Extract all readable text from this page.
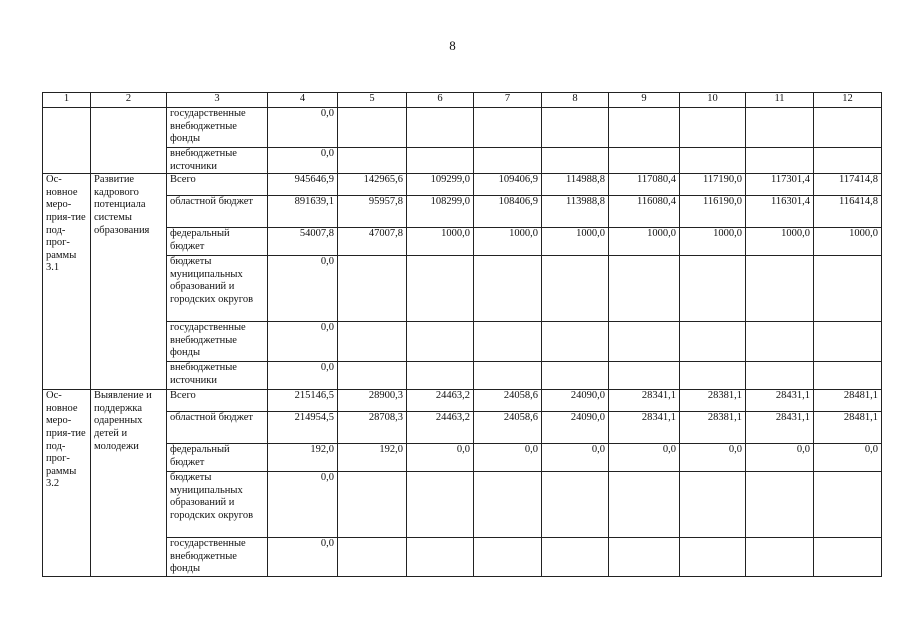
8
1	2	3	4	5	6	7	8	9	10	11	12
		государственные внебюджетные фонды	0,0								
		внебюджетные источники	0,0								
Ос-новное меро-прия-тие под-прог-раммы 3.1	Развитие кадрового потенциала системы образования	Всего	945646,9	142965,6	109299,0	109406,9	114988,8	117080,4	117190,0	117301,4	117414,8
		областной бюджет	891639,1	95957,8	108299,0	108406,9	113988,8	116080,4	116190,0	116301,4	116414,8
		федеральный бюджет	54007,8	47007,8	1000,0	1000,0	1000,0	1000,0	1000,0	1000,0	1000,0
		бюджеты муниципальных образований и городских округов	0,0								
		государственные внебюджетные фонды	0,0								
		внебюджетные источники	0,0								
Ос-новное меро-прия-тие под-прог-раммы 3.2	Выявление и поддержка одаренных детей и молодежи	Всего	215146,5	28900,3	24463,2	24058,6	24090,0	28341,1	28381,1	28431,1	28481,1
		областной бюджет	214954,5	28708,3	24463,2	24058,6	24090,0	28341,1	28381,1	28431,1	28481,1
		федеральный бюджет	192,0	192,0	0,0	0,0	0,0	0,0	0,0	0,0	0,0
		бюджеты муниципальных образований и городских округов	0,0								
		государственные внебюджетные фонды	0,0								
